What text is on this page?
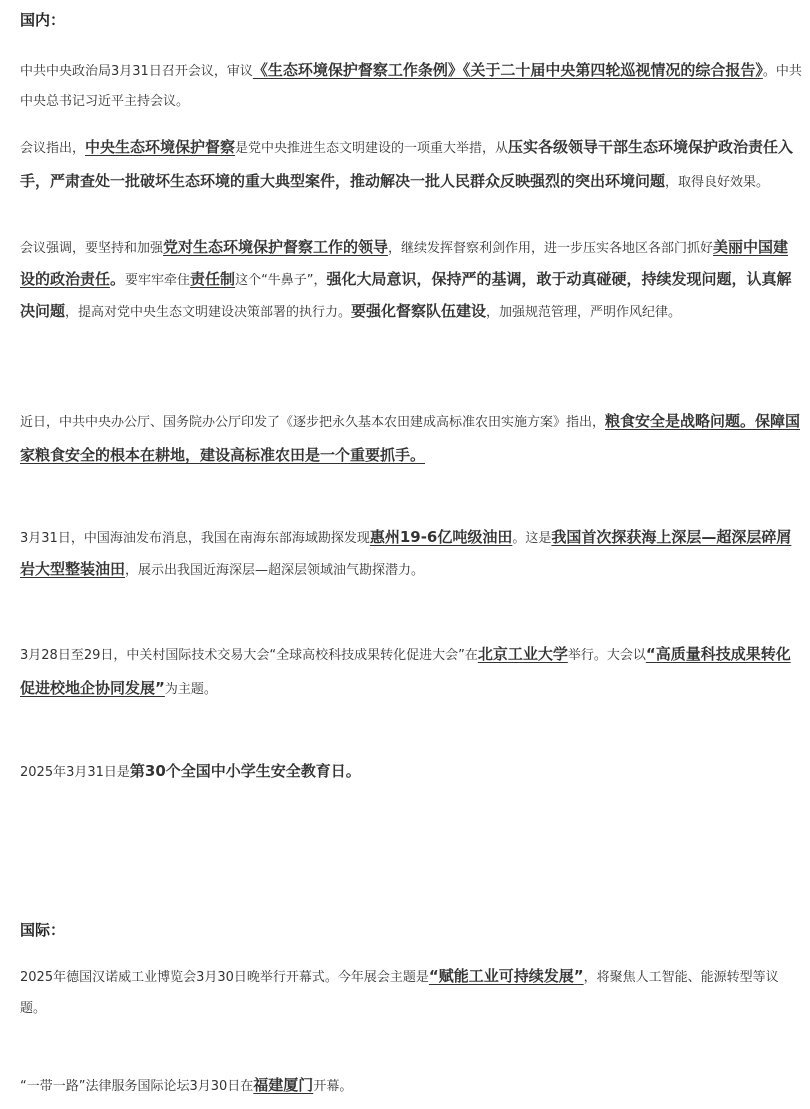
国内：

中共中央政治局3月31日召开会议，审议《生态环境保护督察工作条例》《关于二十届中央第四轮巡视情况的综合报告》。中共中央总书记习近平主持会议。

会议指出，中央生态环境保护督察是党中央推进生态文明建设的一项重大举措，从压实各级领导干部生态环境保护政治责任入手，严肃查处一批破坏生态环境的重大典型案件，推动解决一批人民群众反映强烈的突出环境问题，取得良好效果。

会议强调，要坚持和加强党对生态环境保护督察工作的领导，继续发挥督察利剑作用，进一步压实各地区各部门抓好美丽中国建设的政治责任。要牢牢牵住责任制这个“牛鼻子”，强化大局意识，保持严的基调，敢于动真碰硬，持续发现问题，认真解决问题，提高对党中央生态文明建设决策部署的执行力。要强化督察队伍建设，加强规范管理，严明作风纪律。

近日，中共中央办公厅、国务院办公厅印发了《逐步把永久基本农田建成高标准农田实施方案》指出，粮食安全是战略问题。保障国家粮食安全的根本在耕地，建设高标准农田是一个重要抓手。

3月31日，中国海油发布消息，我国在南海东部海域勘探发现惠州19-6亿吨级油田。这是我国首次探获海上深层—超深层碎屑岩大型整装油田，展示出我国近海深层—超深层领域油气勘探潜力。

3月28日至29日，中关村国际技术交易大会“全球高校科技成果转化促进大会”在北京工业大学举行。大会以“高质量科技成果转化促进校地企协同发展”为主题。

2025年3月31日是第30个全国中小学生安全教育日。

国际：

2025年德国汉诺威工业博览会3月30日晚举行开幕式。今年展会主题是“赋能工业可持续发展”，将聚焦人工智能、能源转型等议题。

“一带一路”法律服务国际论坛3月30日在福建厦门开幕。
